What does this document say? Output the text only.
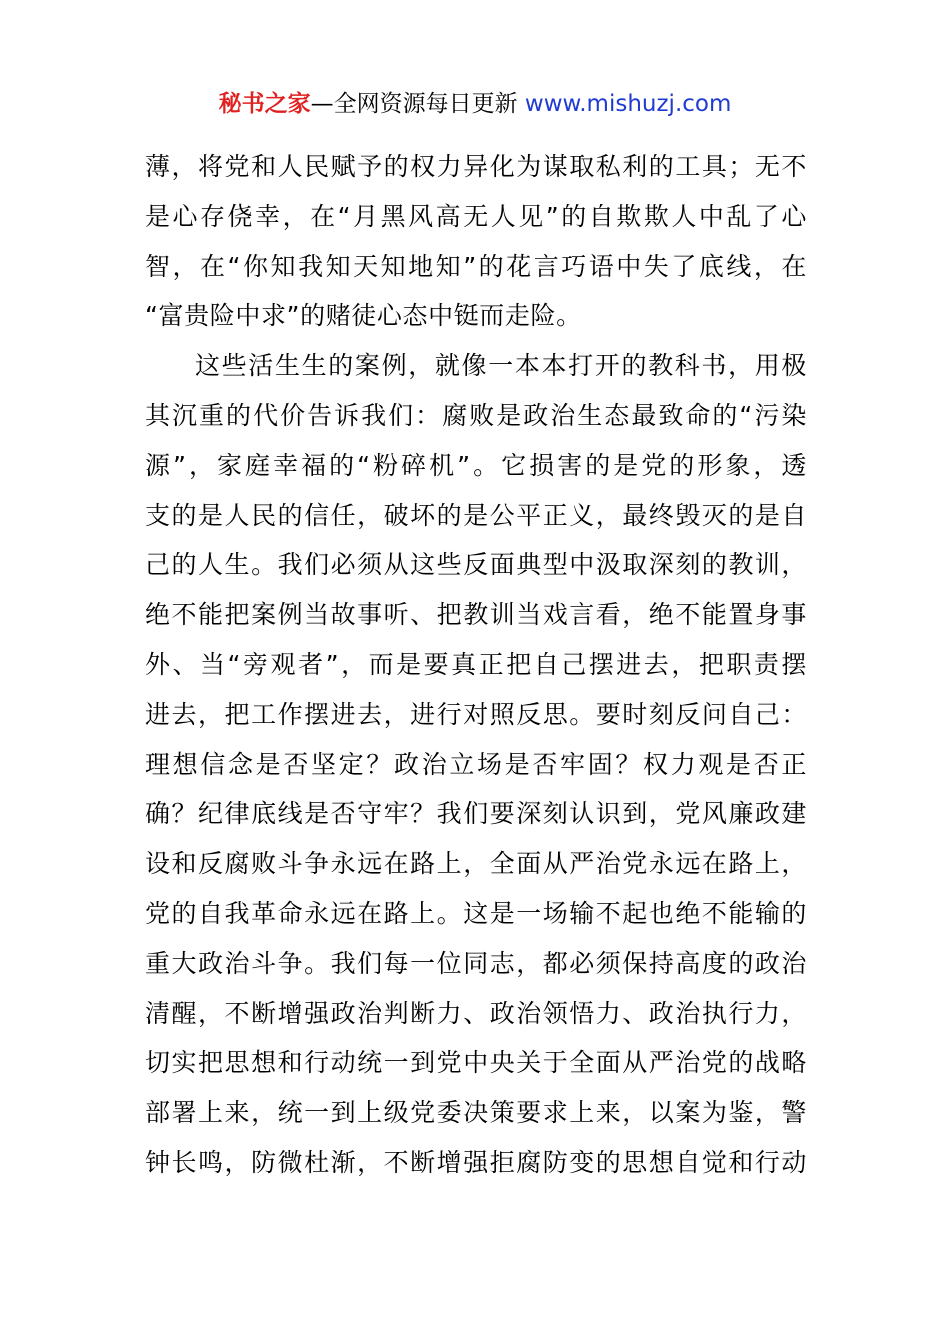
秘书之家—全网资源每日更新 www.mishuzj.com
薄，将党和人民赋予的权力异化为谋取私利的工具；无不
是心存侥幸，在“月黑风高无人见”的自欺欺人中乱了心
智，在“你知我知天知地知”的花言巧语中失了底线，在
“富贵险中求”的赌徒心态中铤而走险。
这些活生生的案例，就像一本本打开的教科书，用极
其沉重的代价告诉我们：腐败是政治生态最致命的“污染
源”，家庭幸福的“粉碎机”。它损害的是党的形象，透
支的是人民的信任，破坏的是公平正义，最终毁灭的是自
己的人生。我们必须从这些反面典型中汲取深刻的教训，
绝不能把案例当故事听、把教训当戏言看，绝不能置身事
外、当“旁观者”，而是要真正把自己摆进去，把职责摆
进去，把工作摆进去，进行对照反思。要时刻反问自己：
理想信念是否坚定？政治立场是否牢固？权力观是否正
确？纪律底线是否守牢？我们要深刻认识到，党风廉政建
设和反腐败斗争永远在路上，全面从严治党永远在路上，
党的自我革命永远在路上。这是一场输不起也绝不能输的
重大政治斗争。我们每一位同志，都必须保持高度的政治
清醒，不断增强政治判断力、政治领悟力、政治执行力，
切实把思想和行动统一到党中央关于全面从严治党的战略
部署上来，统一到上级党委决策要求上来，以案为鉴，警
钟长鸣，防微杜渐，不断增强拒腐防变的思想自觉和行动
